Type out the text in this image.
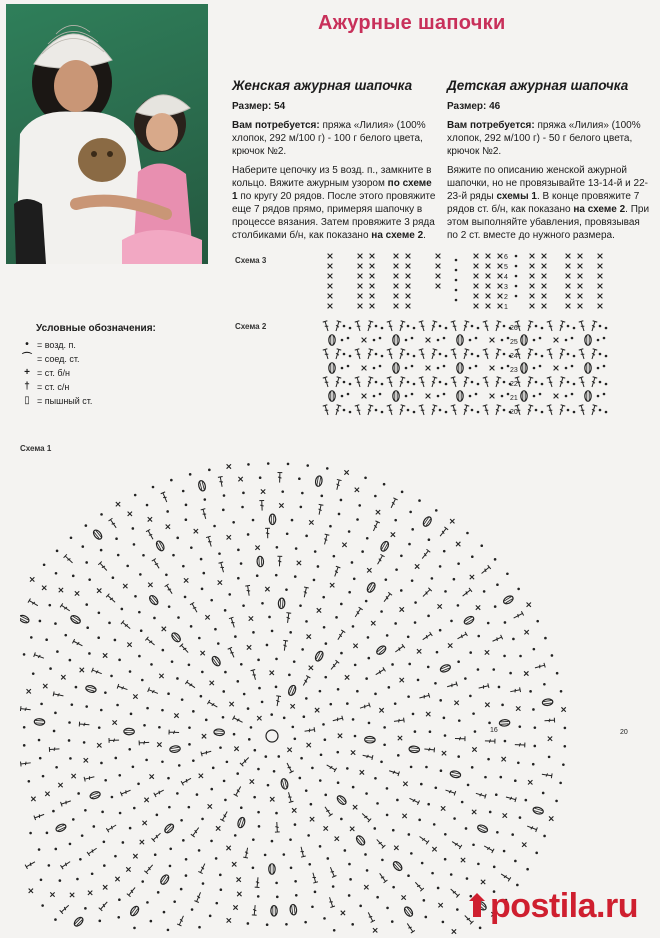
Ажурные шапочки
Женская ажурная шапочка

Размер: 54

Вам потребуется: пряжа «Лилия» (100% хлопок, 292 м/100 г) - 100 г белого цвета, крючок №2.

Наберите цепочку из 5 возд. п., замкните в кольцо. Вяжите ажурным узором по схеме 1 по кругу 20 рядов. После этого провяжите еще 7 рядов прямо, примеряя шапочку в процессе вязания. Затем провяжите 3 ряда столбиками б/н, как показано на схеме 2.

Детская ажурная шапочка

Размер: 46

Вам потребуется: пряжа «Лилия» (100% хлопок, 292 м/100 г) - 50 г белого цвета, крючок №2.

Вяжите по описанию женской ажурной шапочки, но не провязывайте 13-14-й и 22-23-й ряды схемы 1. В конце провяжите 7 рядов ст. б/н, как показано на схеме 2. При этом выполняйте убавления, провязывая по 2 ст. вместе до нужного размера.

Схема 3
Схема 2
Схема 1
6
5
4
3
2
1
26
25
24
23
22
21
20
Условные обозначения:
• = возд. п.
⌒ = соед. ст.
+ = ст. б/н
† = ст. с/н
▯ = пышный ст.
16	20
postila.ru
